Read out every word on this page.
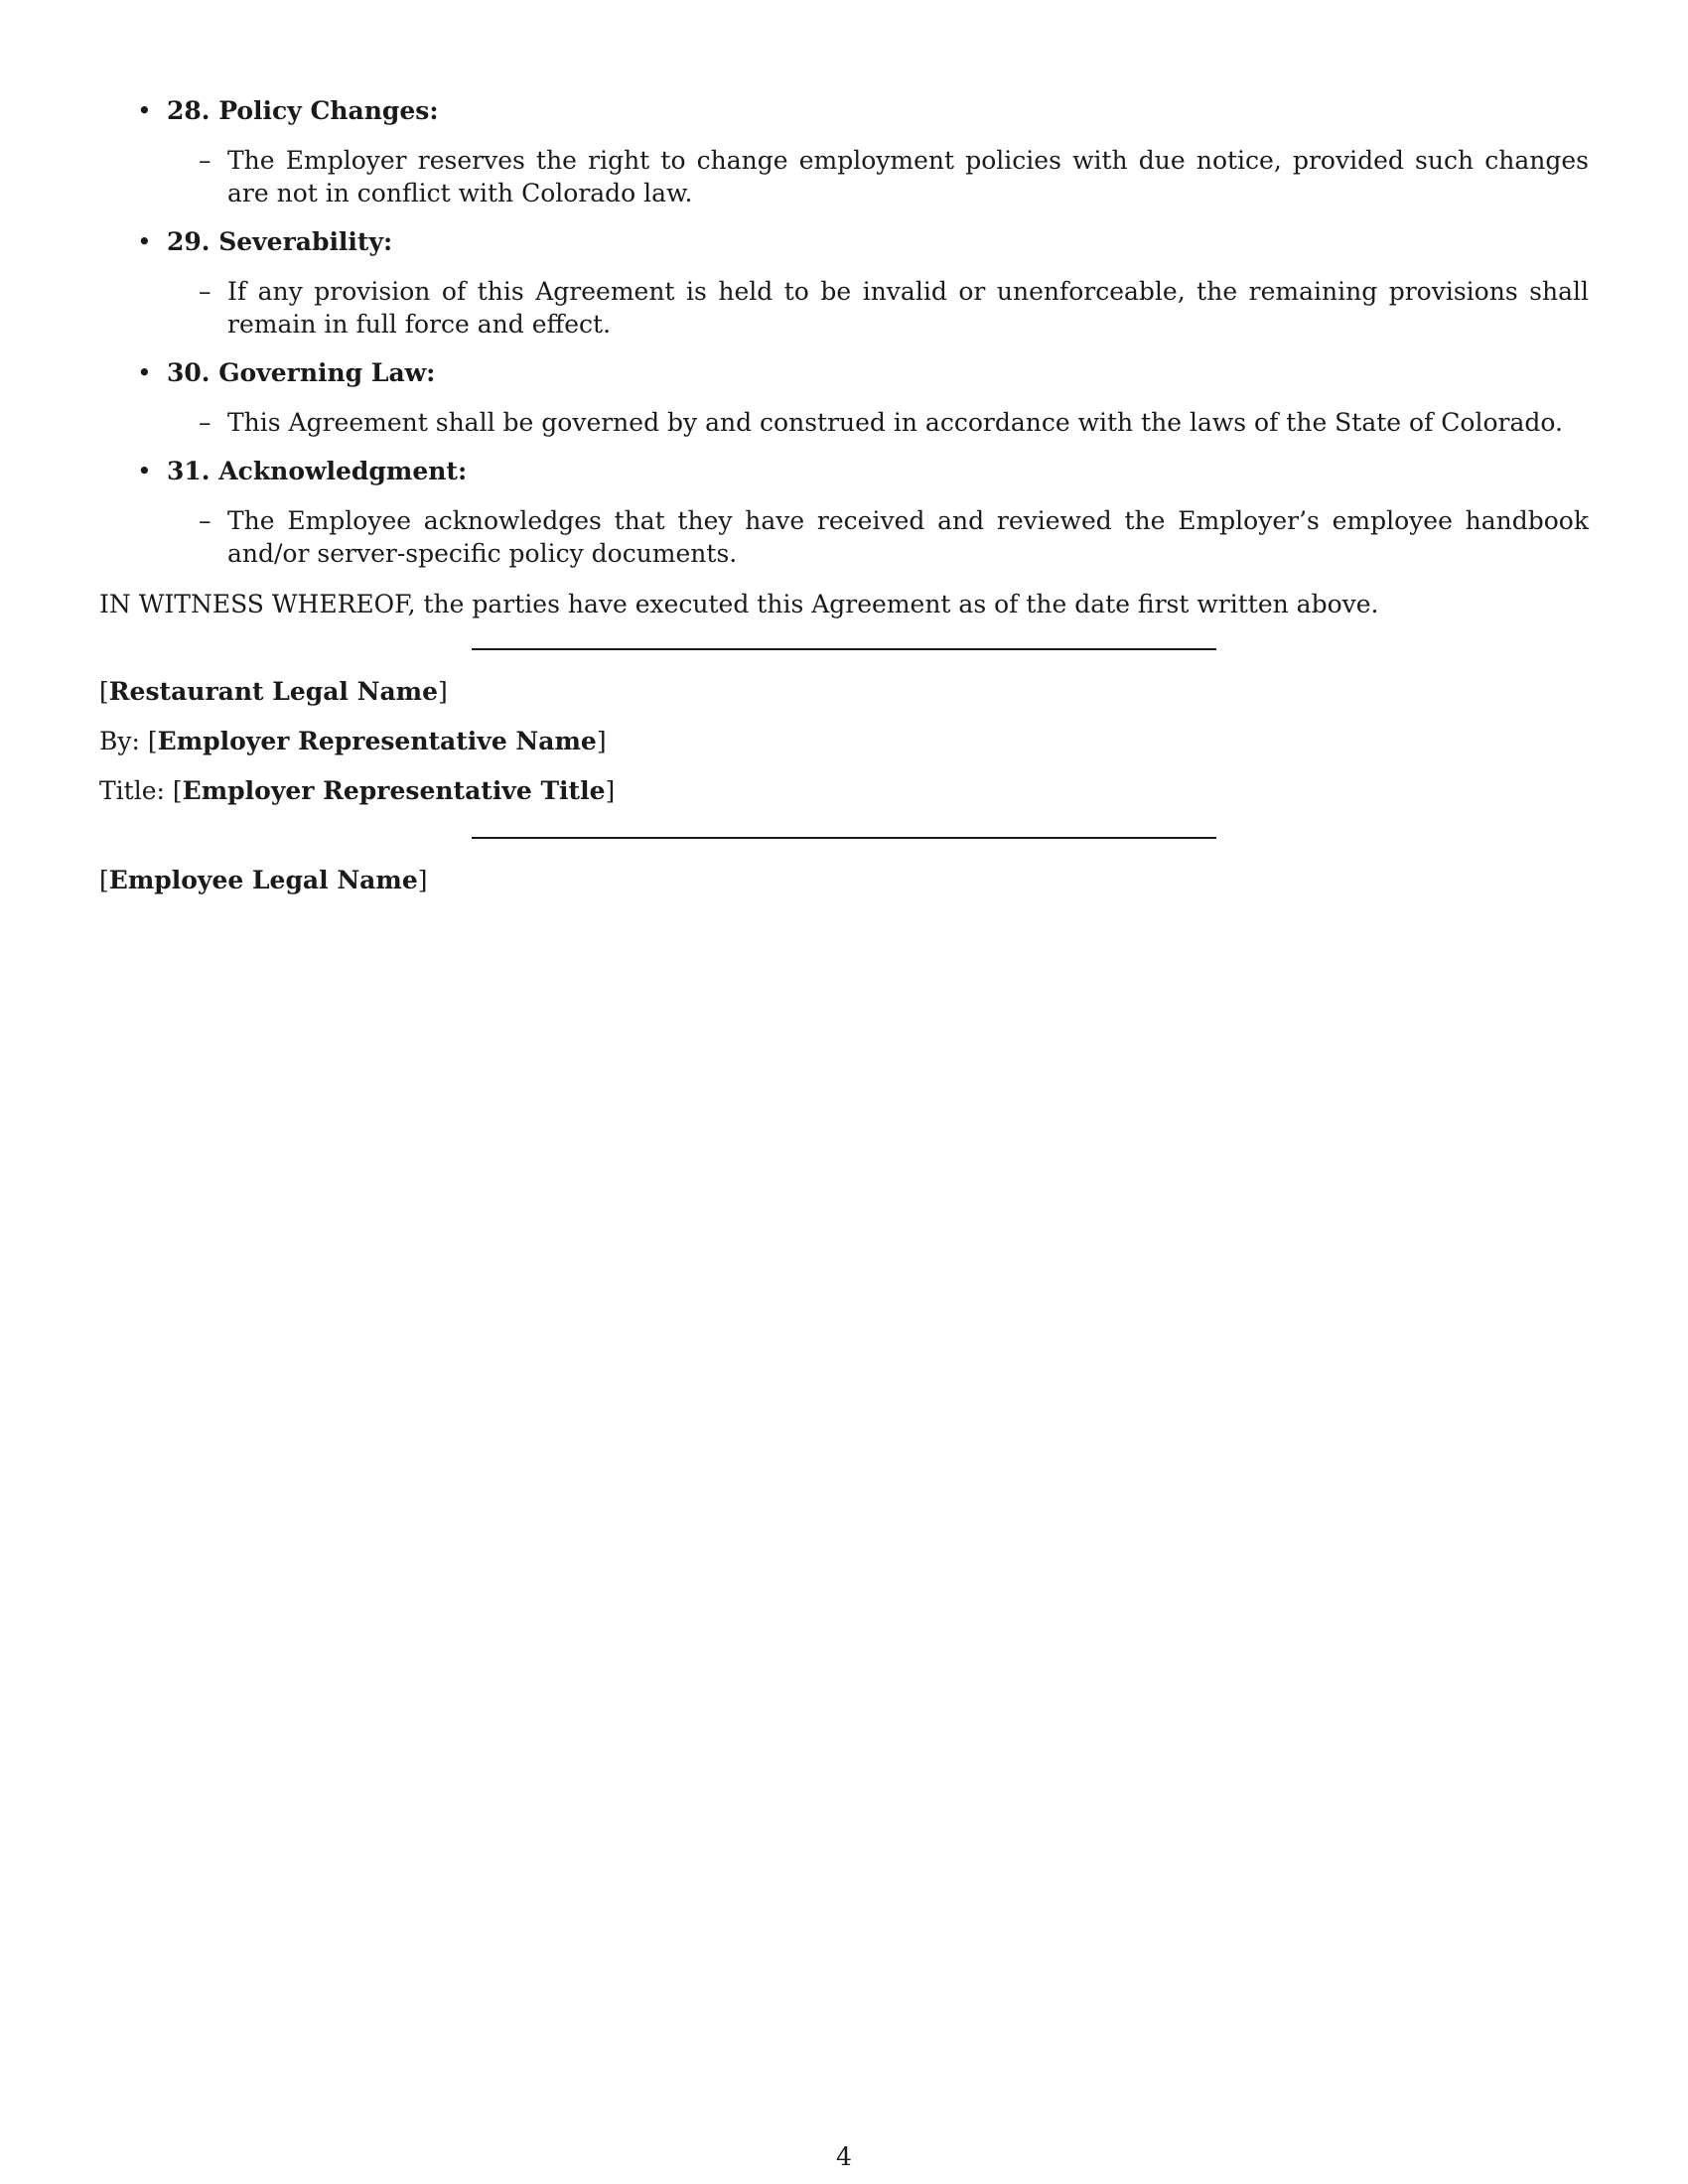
• 28. Policy Changes:
– The Employer reserves the right to change employment policies with due notice, provided such changes are not in conflict with Colorado law.
• 29. Severability:
– If any provision of this Agreement is held to be invalid or unenforceable, the remaining provisions shall remain in full force and effect.
• 30. Governing Law:
– This Agreement shall be governed by and construed in accordance with the laws of the State of Colorado.
• 31. Acknowledgment:
– The Employee acknowledges that they have received and reviewed the Employer’s employee handbook and/or server-specific policy documents.
IN WITNESS WHEREOF, the parties have executed this Agreement as of the date first written above.
[Restaurant Legal Name]
By: [Employer Representative Name]
Title: [Employer Representative Title]
[Employee Legal Name]
4
